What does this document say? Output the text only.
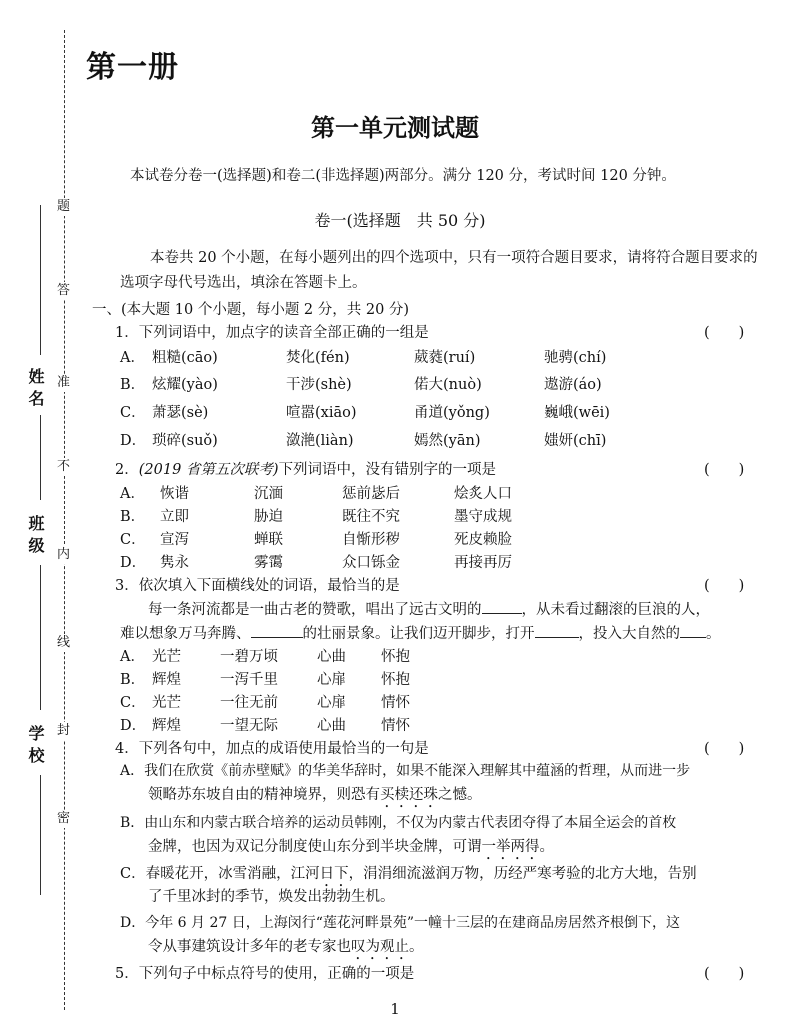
姓名
班级
学校
题
答
准
不
内
线
封
密
第一册
第一单元测试题
本试卷分卷一(选择题)和卷二(非选择题)两部分。满分 120 分，考试时间 120 分钟。
卷一(选择题　共 50 分)
本卷共 20 个小题，在每小题列出的四个选项中，只有一项符合题目要求，请将符合题目要求的选项字母代号选出，填涂在答题卡上。
一、(本大题 10 个小题，每小题 2 分，共 20 分)
1．下列词语中，加点字的读音全部正确的一组是	(　　)
A． 粗糙(cāo)	焚化(fén)	葳蕤(ruí)	驰骋(chí)
B． 炫耀(yào)	干涉(shè)	偌大(nuò)	遨游(áo)
C． 萧瑟(sè)	喧嚣(xiāo)	甬道(yǒng)	巍峨(wēi)
D． 琐碎(suǒ)	潋滟(liàn)	嫣然(yān)	媸妍(chī)
2．(2019 省第五次联考)下列词语中，没有错别字的一项是	(　　)
A． 恢谐	沉湎	惩前毖后	烩炙人口
B． 立即	胁迫	既往不究	墨守成规
C． 宣泻	蝉联	自惭形秽	死皮赖脸
D． 隽永	雾霭	众口铄金	再接再厉
3．依次填入下面横线处的词语，最恰当的是	(　　)
每一条河流都是一曲古老的赞歌，唱出了远古文明的	，从未看过翻滚的巨浪的人，
难以想象万马奔腾、	的壮丽景象。让我们迈开脚步，打开	，投入大自然的 。
A． 光芒	一碧万顷	心曲 怀抱
B． 辉煌	一泻千里	心扉 怀抱
C． 光芒	一往无前	心扉 情怀
D． 辉煌	一望无际	心曲 情怀
4．下列各句中，加点的成语使用最恰当的一句是	(　　)
A．我们在欣赏《前赤壁赋》的华美华辞时，如果不能深入理解其中蕴涵的哲理，从而进一步
领略苏东坡自由的精神境界，则恐有买椟还珠之憾。
B．由山东和内蒙古联合培养的运动员韩刚，不仅为内蒙古代表团夺得了本届全运会的首枚
金牌，也因为双记分制度使山东分到半块金牌，可谓一举两得。
C．春暖花开，冰雪消融，江河日下，涓涓细流滋润万物，历经严寒考验的北方大地，告别
了千里冰封的季节，焕发出勃勃生机。
D．今年 6 月 27 日，上海闵行“莲花河畔景苑”一幢十三层的在建商品房居然齐根倒下，这
令从事建筑设计多年的老专家也叹为观止。
5．下列句子中标点符号的使用，正确的一项是	(　　)
1
